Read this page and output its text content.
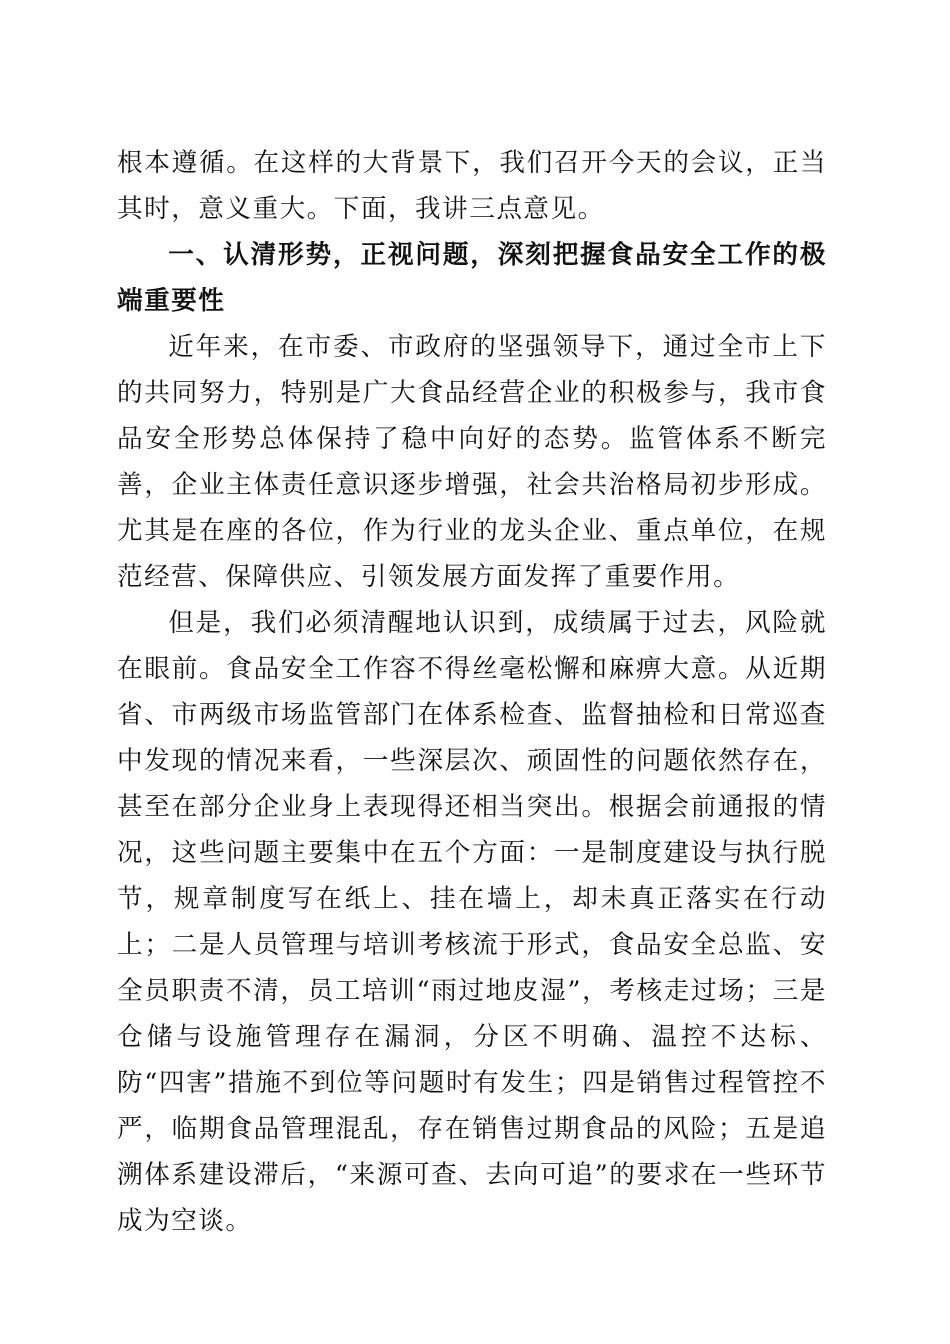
根本遵循。在这样的大背景下，我们召开今天的会议，正当其时，意义重大。下面，我讲三点意见。

一、认清形势，正视问题，深刻把握食品安全工作的极端重要性

近年来，在市委、市政府的坚强领导下，通过全市上下的共同努力，特别是广大食品经营企业的积极参与，我市食品安全形势总体保持了稳中向好的态势。监管体系不断完善，企业主体责任意识逐步增强，社会共治格局初步形成。尤其是在座的各位，作为行业的龙头企业、重点单位，在规范经营、保障供应、引领发展方面发挥了重要作用。

但是，我们必须清醒地认识到，成绩属于过去，风险就在眼前。食品安全工作容不得丝毫松懈和麻痹大意。从近期省、市两级市场监管部门在体系检查、监督抽检和日常巡查中发现的情况来看，一些深层次、顽固性的问题依然存在，甚至在部分企业身上表现得还相当突出。根据会前通报的情况，这些问题主要集中在五个方面：一是制度建设与执行脱节，规章制度写在纸上、挂在墙上，却未真正落实在行动上；二是人员管理与培训考核流于形式，食品安全总监、安全员职责不清，员工培训“雨过地皮湿”，考核走过场；三是仓储与设施管理存在漏洞，分区不明确、温控不达标、防“四害”措施不到位等问题时有发生；四是销售过程管控不严，临期食品管理混乱，存在销售过期食品的风险；五是追溯体系建设滞后，“来源可查、去向可追”的要求在一些环节成为空谈。
